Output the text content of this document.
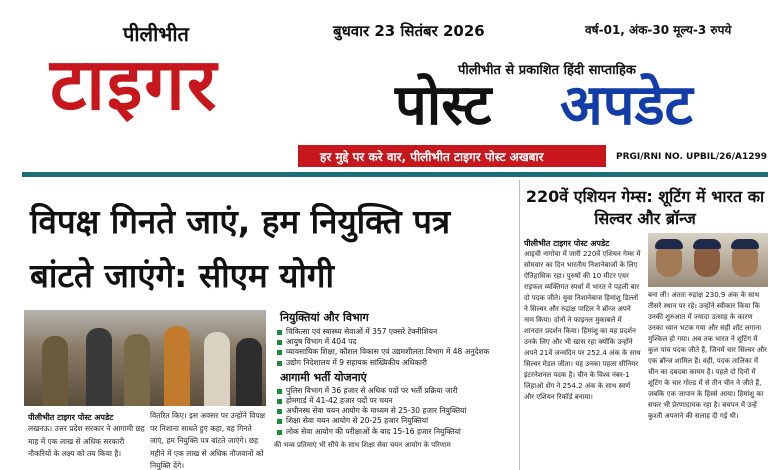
पीलीभीत	बुधवार 23 सितंबर 2026	वर्ष-01, अंक-30 मूल्य-3 रुपये
टाइगर	पीलीभीत से प्रकाशित हिंदी साप्ताहिक
पोस्ट अपडेट
हर मुद्दे पर करे वार, पीलीभीत टाइगर पोस्ट अखबार	PRGI/RNI NO. UPBIL/26/A1299
विपक्ष गिनते जाएं, हम नियुक्ति पत्र बांटते जाएंगे: सीएम योगी
पीलीभीत टाइगर पोस्ट अपडेट
लखनऊ। उत्तर प्रदेश सरकार ने आगामी छह माह में एक लाख से अधिक सरकारी नौकरियों के लक्ष्य को तय किया है।
वितरित किए। इस अवसर पर उन्होंने विपक्ष पर निशाना साधते हुए कहा, वह गिनते जाएं, हम नियुक्ति पत्र बांटते जाएंगे। छह महीने में एक लाख से अधिक नौजवानों को नियुक्ति देंगे।
नियुक्तियां और विभाग
चिकित्सा एवं स्वास्थ्य सेवाओं में 357 एक्सरे टेक्नीशियन
आयुष विभाग में 404 पद
व्यावसायिक शिक्षा, कौशल विकास एवं उद्यमशीलता विभाग में 48 अनुदेशक
उद्योग निदेशालय में 9 सहायक सांख्यिकीय अधिकारी
आगामी भर्ती योजनाएं
पुलिस विभाग में 36 हजार से अधिक पदों पर भर्ती प्रक्रिया जारी
होमगार्ड में 41-42 हजार पदों पर चयन
अधीनस्थ सेवा चयन आयोग के माध्यम से 25-30 हजार नियुक्तियां
शिक्षा सेवा चयन आयोग से 20-25 हजार नियुक्तियां
लोक सेवा आयोग की परीक्षाओं के बाद 15-16 हजार नियुक्तियां
की भव्य प्रतिमाएं भी सौंपे के साथ शिक्षा सेवा चयन आयोग के परिणाम
220वें एशियन गेम्स: शूटिंग में भारत का सिल्वर और ब्रॉन्ज
पीलीभीत टाइगर पोस्ट अपडेट
आइची नागोया में जारी 220वें एशियन गेम्स में सोमवार का दिन भारतीय निशानेबाजों के लिए ऐतिहासिक रहा। पुरुषों की 10 मीटर एयर राइफल व्यक्तिगत स्पर्धा में भारत ने पहली बार दो पदक जीते। युवा निशानेबाज हिमांशु डिल्लों ने सिल्वर और रुद्रांक्ष पाटिल ने ब्रॉन्ज अपने नाम किया। दोनों ने फाइनल मुकाबले में शानदार प्रदर्शन किया। हिमांशु का यह प्रदर्शन उनके लिए और भी खास रहा क्योंकि उन्होंने अपने 21वें जन्मदिन पर 252.4 अंक के साथ सिल्वर मेडल जीता। यह उनका पहला सीनियर इंटरनेशनल पदक है। चीन के विश्व नंबर-1 लिहाओ शेंग ने 254.2 अंक के साथ स्वर्ण और एशियन रिकॉर्ड बनाया।
बना ली। अंततः रुद्रांक्ष 230.9 अंक के साथ तीसरे स्थान पर रहे। उन्होंने स्वीकार किया कि उनकी शुरुआत में ज्यादा उत्साह के कारण उनका ध्यान भटक गया और सही शॉट लगाना मुश्किल हो गया। अब तक भारत ने शूटिंग में कुल पांच पदक जीते हैं, जिनमें चार सिल्वर और एक ब्रॉन्ज शामिल हैं। वहीं, पदक तालिका में चीन का दबदबा कायम है। पहले दो दिनों में शूटिंग के चार गोल्ड में से तीन चीन ने जीते हैं, जबकि एक जापान के हिस्से आया। हिमांशु का सफर भी प्रेरणादायक रहा है। बचपन में उन्हें कुश्ती अपनाने की सलाह दी गई थी।
